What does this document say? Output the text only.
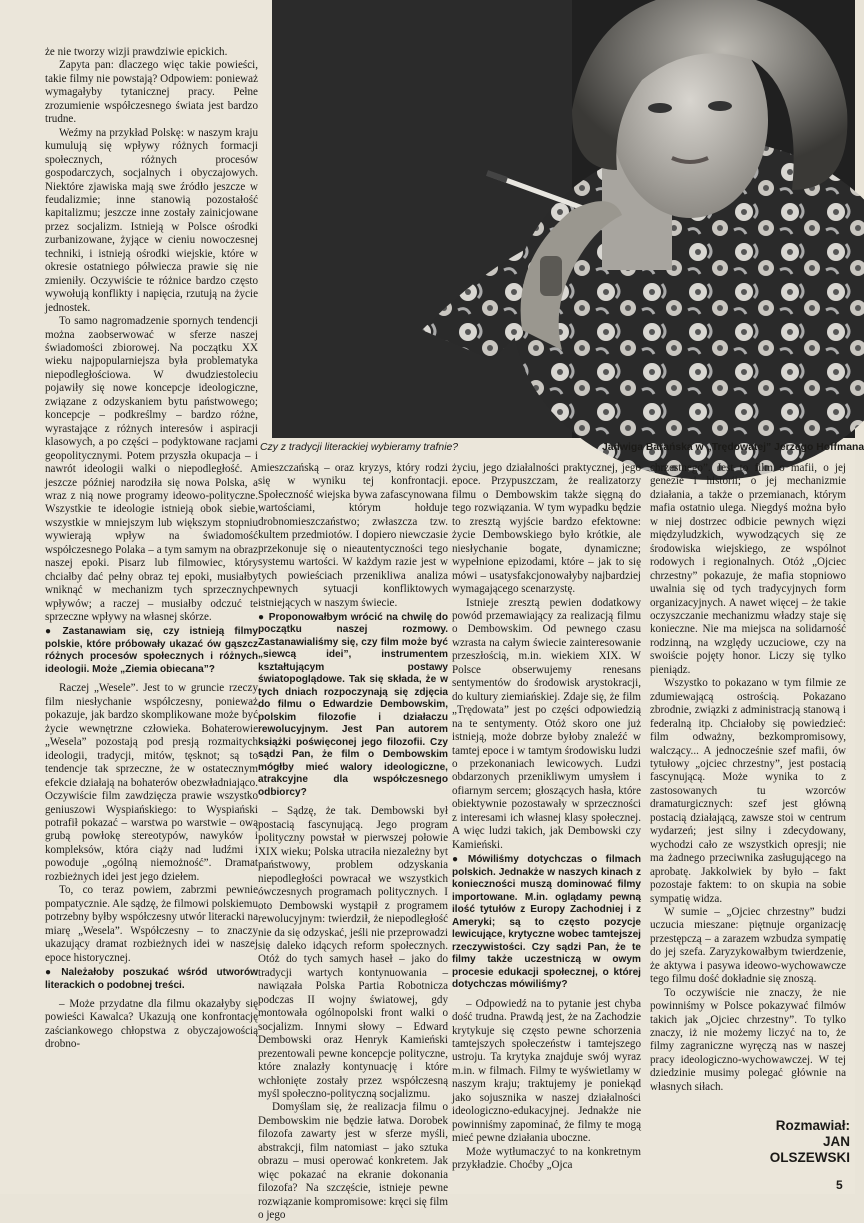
Czy z tradycji literackiej wybieramy trafnie?	Jadwiga Barańska w „Trędowatej” Jerzego Hoffmana

że nie tworzy wizji prawdziwie epickich.

Zapyta pan: dlaczego więc takie powieści, takie filmy nie powstają? Odpowiem: ponieważ wymagałyby tytanicznej pracy. Pełne zrozumienie współczesnego świata jest bardzo trudne.

Weźmy na przykład Polskę: w naszym kraju kumulują się wpływy różnych formacji społecznych, różnych procesów gospodarczych, socjalnych i obyczajowych. Niektóre zjawiska mają swe źródło jeszcze w feudalizmie; inne stanowią pozostałość kapitalizmu; jeszcze inne zostały zainicjowane przez socjalizm. Istnieją w Polsce ośrodki zurbanizowane, żyjące w cieniu nowoczesnej techniki, i istnieją ośrodki wiejskie, które w okresie ostatniego półwiecza prawie się nie zmieniły. Oczywiście te różnice bardzo często wywołują konflikty i napięcia, rzutują na życie jednostek.

To samo nagromadzenie spornych tendencji można zaobserwować w sferze naszej świadomości zbiorowej. Na początku XX wieku najpopularniejsza była problematyka niepodległościowa. W dwudziestoleciu pojawiły się nowe koncepcje ideologiczne, związane z odzyskaniem bytu państwowego; koncepcje – podkreślmy – bardzo różne, wyrastające z różnych interesów i aspiracji klasowych, a po części – podyktowane racjami geopolitycznymi. Potem przyszła okupacja – i nawrót ideologii walki o niepodległość. A jeszcze później narodziła się nowa Polska, a wraz z nią nowe programy ideowo-polityczne. Wszystkie te ideologie istnieją obok siebie, wszystkie w mniejszym lub większym stopniu wywierają wpływ na świadomość współczesnego Polaka – a tym samym na obraz naszej epoki. Pisarz lub filmowiec, który chciałby dać pełny obraz tej epoki, musiałby wniknąć w mechanizm tych sprzecznych wpływów; a raczej – musiałby odczuć te sprzeczne wpływy na własnej skórze.

● Zastanawiam się, czy istnieją filmy polskie, które próbowały ukazać ów gąszcz różnych procesów społecznych i różnych ideologii. Może „Ziemia obiecana”?

Raczej „Wesele”. Jest to w gruncie rzeczy film niesłychanie współczesny, ponieważ pokazuje, jak bardzo skomplikowane może być życie wewnętrzne człowieka. Bohaterowie „Wesela” pozostają pod presją rozmaitych ideologii, tradycji, mitów, tęsknot; są to tendencje tak sprzeczne, że w ostatecznym efekcie działają na bohaterów obezwładniająco. Oczywiście film zawdzięcza prawie wszystko geniuszowi Wyspiańskiego: to Wyspiański potrafił pokazać – warstwa po warstwie – ową grubą powłokę stereotypów, nawyków i kompleksów, która ciąży nad ludźmi i powoduje „ogólną niemożność”. Dramat rozbieżnych idei jest jego dziełem.

To, co teraz powiem, zabrzmi pewnie pompatycznie. Ale sądzę, że filmowi polskiemu potrzebny byłby współczesny utwór literacki na miarę „Wesela”. Współczesny – to znaczy ukazujący dramat rozbieżnych idei w naszej epoce historycznej.

● Należałoby poszukać wśród utworów literackich o podobnej treści.

– Może przydatne dla filmu okazałyby się powieści Kawalca? Ukazują one konfrontację zaściankowego chłopstwa z obyczajowością drobno-

mieszczańską – oraz kryzys, który rodzi się w wyniku tej konfrontacji. Społeczność wiejska bywa zafascynowana wartościami, którym hołduje drobnomieszczaństwo; zwłaszcza tzw. kultem przedmiotów. I dopiero niewczasie przekonuje się o nieautentyczności tego systemu wartości. W każdym razie jest w tych powieściach przenikliwa analiza pewnych sytuacji konfliktowych istniejących w naszym świecie.

● Proponowałbym wrócić na chwilę do początku naszej rozmowy. Zastanawialiśmy się, czy film może być „siewcą idei”, instrumentem kształtującym postawy światopoglądowe. Tak się składa, że w tych dniach rozpoczynają się zdjęcia do filmu o Edwardzie Dembowskim, polskim filozofie i działaczu rewolucyjnym. Jest Pan autorem książki poświęconej jego filozofii. Czy sądzi Pan, że film o Dembowskim mógłby mieć walory ideologiczne, atrakcyjne dla współczesnego odbiorcy?

– Sądzę, że tak. Dembowski był postacią fascynującą. Jego program polityczny powstał w pierwszej połowie XIX wieku; Polska utraciła niezależny byt państwowy, problem odzyskania niepodległości powracał we wszystkich ówczesnych programach politycznych. I oto Dembowski wystąpił z programem rewolucyjnym: twierdził, że niepodległość nie da się odzyskać, jeśli nie przeprowadzi się daleko idących reform społecznych. Otóż do tych samych haseł – jako do tradycji wartych kontynuowania – nawiązała Polska Partia Robotnicza podczas II wojny światowej, gdy montowała ogólnopolski front walki o socjalizm. Innymi słowy – Edward Dembowski oraz Henryk Kamieński prezentowali pewne koncepcje polityczne, które znalazły kontynuację i które wchłonięte zostały przez współczesną myśl społeczno-polityczną socjalizmu.

Domyślam się, że realizacja filmu o Dembowskim nie będzie łatwa. Dorobek filozofa zawarty jest w sferze myśli, abstrakcji, film natomiast – jako sztuka obrazu – musi operować konkretem. Jak więc pokazać na ekranie dokonania filozofa? Na szczęście, istnieje pewne rozwiązanie kompromisowe: kręci się film o jego

życiu, jego działalności praktycznej, jego epoce. Przypuszczam, że realizatorzy filmu o Dembowskim także sięgną do tego rozwiązania. W tym wypadku będzie to zresztą wyjście bardzo efektowne: życie Dembowskiego było krótkie, ale niesłychanie bogate, dynamiczne; wypełnione epizodami, które – jak to się mówi – usatysfakcjonowałyby najbardziej wymagającego scenarzystę.

Istnieje zresztą pewien dodatkowy powód przemawiający za realizacją filmu o Dembowskim. Od pewnego czasu wzrasta na całym świecie zainteresowanie przeszłością, m.in. wiekiem XIX. W Polsce obserwujemy renesans sentymentów do środowisk arystokracji, do kultury ziemiańskiej. Zdaje się, że film „Trędowata” jest po części odpowiedzią na te sentymenty. Otóż skoro one już istnieją, może dobrze byłoby znaleźć w tamtej epoce i w tamtym środowisku ludzi o przekonaniach lewicowych. Ludzi obdarzonych przenikliwym umysłem i ofiarnym sercem; głoszących hasła, które obiektywnie pozostawały w sprzeczności z interesami ich własnej klasy społecznej. A więc ludzi takich, jak Dembowski czy Kamieński.

● Mówiliśmy dotychczas o filmach polskich. Jednakże w naszych kinach z konieczności muszą dominować filmy importowane. M.in. oglądamy pewną ilość tytułów z Europy Zachodniej i z Ameryki; są to często pozycje lewicujące, krytyczne wobec tamtejszej rzeczywistości. Czy sądzi Pan, że te filmy także uczestniczą w owym procesie edukacji społecznej, o której dotychczas mówiliśmy?

– Odpowiedź na to pytanie jest chyba dość trudna. Prawdą jest, że na Zachodzie krytykuje się często pewne schorzenia tamtejszych społeczeństw i tamtejszego ustroju. Ta krytyka znajduje swój wyraz m.in. w filmach. Filmy te wyświetlamy w naszym kraju; traktujemy je poniekąd jako sojusznika w naszej działalności ideologiczno-edukacyjnej. Jednakże nie powinniśmy zapominać, że filmy te mogą mieć pewne działania uboczne.

Może wytłumaczyć to na konkretnym przykładzie. Choćby „Ojca

chrzestnego”. Jest to film o mafii, o jej genezie i historii; o jej mechanizmie działania, a także o przemianach, którym mafia ostatnio ulega. Niegdyś można było w niej dostrzec odbicie pewnych więzi międzyludzkich, wywodzących się ze środowiska wiejskiego, ze wspólnot rodowych i regionalnych. Otóż „Ojciec chrzestny” pokazuje, że mafia stopniowo uwalnia się od tych tradycyjnych form organizacyjnych. A nawet więcej – że takie oczyszczanie mechanizmu władzy staje się konieczne. Nie ma miejsca na solidarność rodzinną, na względy uczuciowe, czy na swoiście pojęty honor. Liczy się tylko pieniądz.

Wszystko to pokazano w tym filmie ze zdumiewającą ostrością. Pokazano zbrodnie, związki z administracją stanową i federalną itp. Chciałoby się powiedzieć: film odważny, bezkompromisowy, walczący... A jednocześnie szef mafii, ów tytułowy „ojciec chrzestny”, jest postacią fascynującą. Może wynika to z zastosowanych tu wzorców dramaturgicznych: szef jest główną postacią działającą, zawsze stoi w centrum wydarzeń; jest silny i zdecydowany, wychodzi cało ze wszystkich opresji; nie ma żadnego przeciwnika zasługującego na aprobatę. Jakkolwiek by było – fakt pozostaje faktem: to on skupia na sobie sympatię widza.

W sumie – „Ojciec chrzestny” budzi uczucia mieszane: piętnuje organizację przestępczą – a zarazem wzbudza sympatię do jej szefa. Zaryzykowałbym twierdzenie, że aktywa i pasywa ideowo-wychowawcze tego filmu dość dokładnie się znoszą.

To oczywiście nie znaczy, że nie powinniśmy w Polsce pokazywać filmów takich jak „Ojciec chrzestny”. To tylko znaczy, iż nie możemy liczyć na to, że filmy zagraniczne wyręczą nas w naszej pracy ideologiczno-wychowawczej. W tej dziedzinie musimy polegać głównie na własnych siłach.

Rozmawiał:
JAN
OLSZEWSKI
5
